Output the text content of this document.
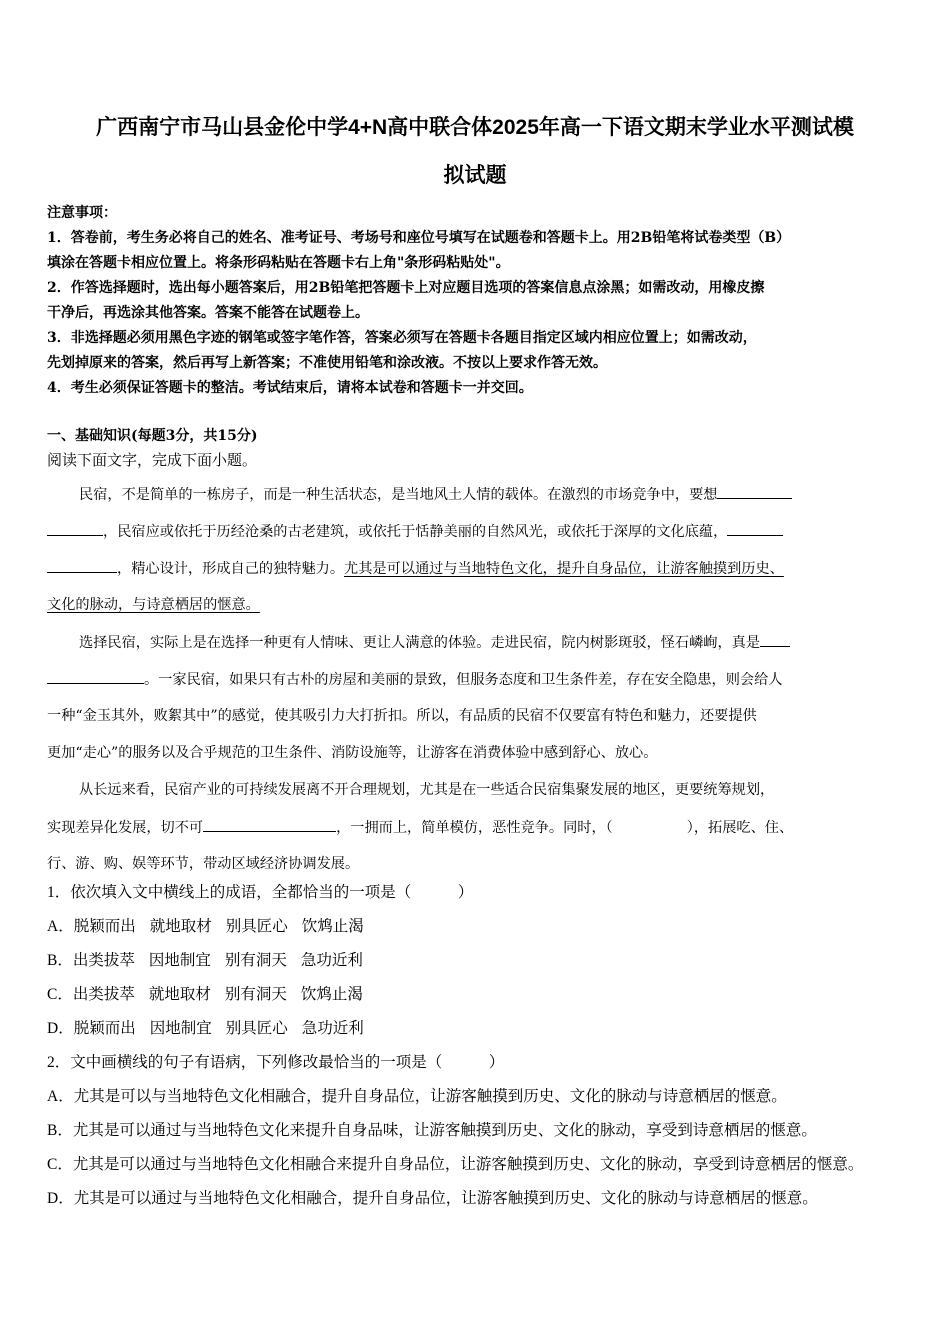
广西南宁市马山县金伦中学4+N高中联合体2025年高一下语文期末学业水平测试模
拟试题
注意事项：
1．答卷前，考生务必将自己的姓名、准考证号、考场号和座位号填写在试题卷和答题卡上。用2B铅笔将试卷类型（B）
填涂在答题卡相应位置上。将条形码粘贴在答题卡右上角"条形码粘贴处"。
2．作答选择题时，选出每小题答案后，用2B铅笔把答题卡上对应题目选项的答案信息点涂黑；如需改动，用橡皮擦
干净后，再选涂其他答案。答案不能答在试题卷上。
3．非选择题必须用黑色字迹的钢笔或签字笔作答，答案必须写在答题卡各题目指定区域内相应位置上；如需改动，
先划掉原来的答案，然后再写上新答案；不准使用铅笔和涂改液。不按以上要求作答无效。
4．考生必须保证答题卡的整洁。考试结束后，请将本试卷和答题卡一并交回。
一、基础知识(每题3分，共15分)
阅读下面文字，完成下面小题。
民宿，不是简单的一栋房子，而是一种生活状态，是当地风土人情的载体。在激烈的市场竞争中，要想
，民宿应或依托于历经沧桑的古老建筑，或依托于恬静美丽的自然风光，或依托于深厚的文化底蕴，
，精心设计，形成自己的独特魅力。尤其是可以通过与当地特色文化，提升自身品位，让游客触摸到历史、
文化的脉动，与诗意栖居的惬意。
选择民宿，实际上是在选择一种更有人情味、更让人满意的体验。走进民宿，院内树影斑驳，怪石嶙峋，真是
。一家民宿，如果只有古朴的房屋和美丽的景致，但服务态度和卫生条件差，存在安全隐患，则会给人
一种“金玉其外，败絮其中”的感觉，使其吸引力大打折扣。所以，有品质的民宿不仅要富有特色和魅力，还要提供
更加“走心”的服务以及合乎规范的卫生条件、消防设施等，让游客在消费体验中感到舒心、放心。
从长远来看，民宿产业的可持续发展离不开合理规划，尤其是在一些适合民宿集聚发展的地区，更要统筹规划，
实现差异化发展，切不可	，一拥而上，简单模仿，恶性竞争。同时，（	），拓展吃、住、
行、游、购、娱等环节，带动区域经济协调发展。
1．依次填入文中横线上的成语，全都恰当的一项是（　　　）
A．脱颖而出 就地取材 别具匠心 饮鸩止渴
B．出类拔萃 因地制宜 别有洞天 急功近利
C．出类拔萃 就地取材 别有洞天 饮鸩止渴
D．脱颖而出 因地制宜 别具匠心 急功近利
2．文中画横线的句子有语病，下列修改最恰当的一项是（　　　）
A．尤其是可以与当地特色文化相融合，提升自身品位，让游客触摸到历史、文化的脉动与诗意栖居的惬意。
B．尤其是可以通过与当地特色文化来提升自身品味，让游客触摸到历史、文化的脉动，享受到诗意栖居的惬意。
C．尤其是可以通过与当地特色文化相融合来提升自身品位，让游客触摸到历史、文化的脉动，享受到诗意栖居的惬意。
D．尤其是可以通过与当地特色文化相融合，提升自身品位，让游客触摸到历史、文化的脉动与诗意栖居的惬意。
